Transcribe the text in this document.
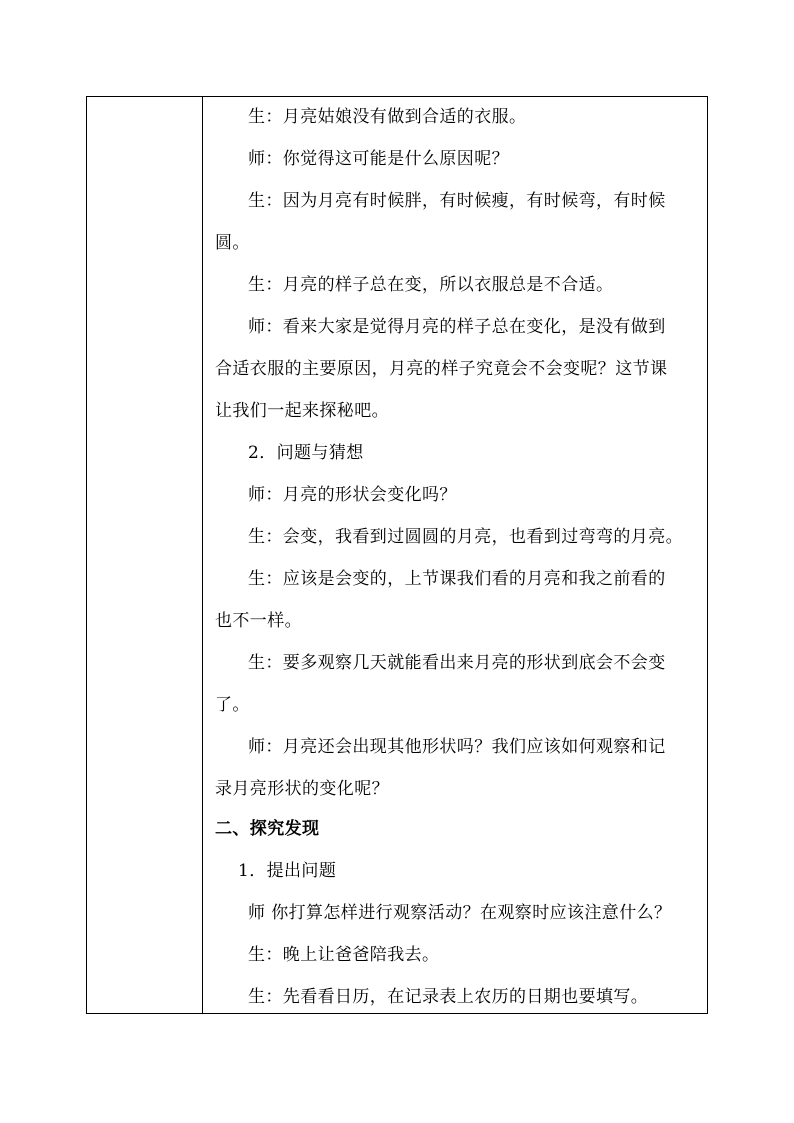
生：月亮姑娘没有做到合适的衣服。
师：你觉得这可能是什么原因呢？
生：因为月亮有时候胖，有时候瘦，有时候弯，有时候
圆。
生：月亮的样子总在变，所以衣服总是不合适。
师：看来大家是觉得月亮的样子总在变化，是没有做到
合适衣服的主要原因，月亮的样子究竟会不会变呢？这节课
让我们一起来探秘吧。
2．问题与猜想
师：月亮的形状会变化吗？
生：会变，我看到过圆圆的月亮，也看到过弯弯的月亮。
生：应该是会变的，上节课我们看的月亮和我之前看的
也不一样。
生：要多观察几天就能看出来月亮的形状到底会不会变
了。
师：月亮还会出现其他形状吗？我们应该如何观察和记
录月亮形状的变化呢？
二、探究发现
1．提出问题
师 你打算怎样进行观察活动？在观察时应该注意什么？
生：晚上让爸爸陪我去。
生：先看看日历，在记录表上农历的日期也要填写。
